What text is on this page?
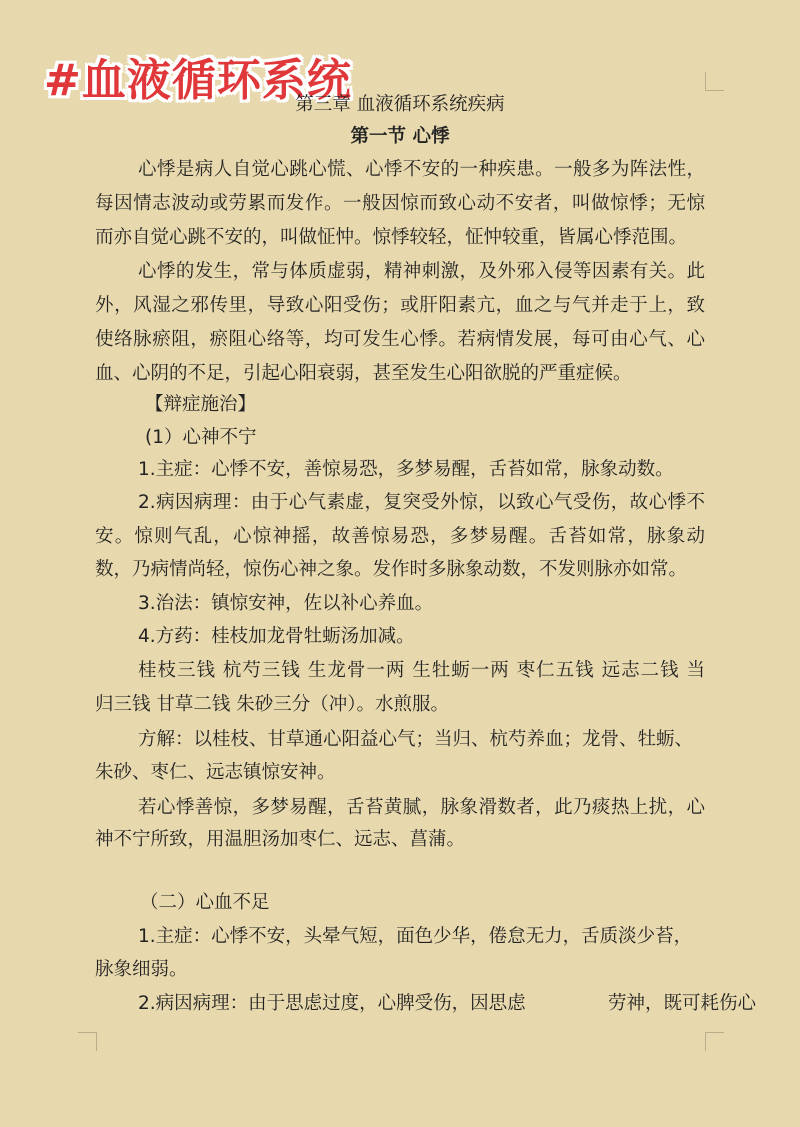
#血液循环系统
第三章 血液循环系统疾病
第一节 心悸
心悸是病人自觉心跳心慌、心悸不安的一种疾患。一般多为阵法性，
每因情志波动或劳累而发作。一般因惊而致心动不安者，叫做惊悸；无惊
而亦自觉心跳不安的，叫做怔忡。惊悸较轻，怔忡较重，皆属心悸范围。
心悸的发生，常与体质虚弱，精神刺激，及外邪入侵等因素有关。此
外，风湿之邪传里，导致心阳受伤；或肝阳素亢，血之与气并走于上，致
使络脉瘀阻，瘀阻心络等，均可发生心悸。若病情发展，每可由心气、心
血、心阴的不足，引起心阳衰弱，甚至发生心阳欲脱的严重症候。
【辩症施治】
(1）心神不宁
1.主症：心悸不安，善惊易恐，多梦易醒，舌苔如常，脉象动数。
2.病因病理：由于心气素虚，复突受外惊，以致心气受伤，故心悸不
安。惊则气乱，心惊神摇，故善惊易恐，多梦易醒。舌苔如常，脉象动
数，乃病情尚轻，惊伤心神之象。发作时多脉象动数，不发则脉亦如常。
3.治法：镇惊安神，佐以补心养血。
4.方药：桂枝加龙骨牡蛎汤加减。
桂枝三钱 杭芍三钱 生龙骨一两 生牡蛎一两 枣仁五钱 远志二钱 当
归三钱 甘草二钱 朱砂三分（冲）。水煎服。
方解：以桂枝、甘草通心阳益心气；当归、杭芍养血；龙骨、牡蛎、
朱砂、枣仁、远志镇惊安神。
若心悸善惊，多梦易醒，舌苔黄腻，脉象滑数者，此乃痰热上扰，心
神不宁所致，用温胆汤加枣仁、远志、菖蒲。
（二）心血不足
1.主症：心悸不安，头晕气短，面色少华，倦怠无力，舌质淡少苔，
脉象细弱。
2.病因病理：由于思虑过度，心脾受伤，因思虑	劳神，既可耗伤心
